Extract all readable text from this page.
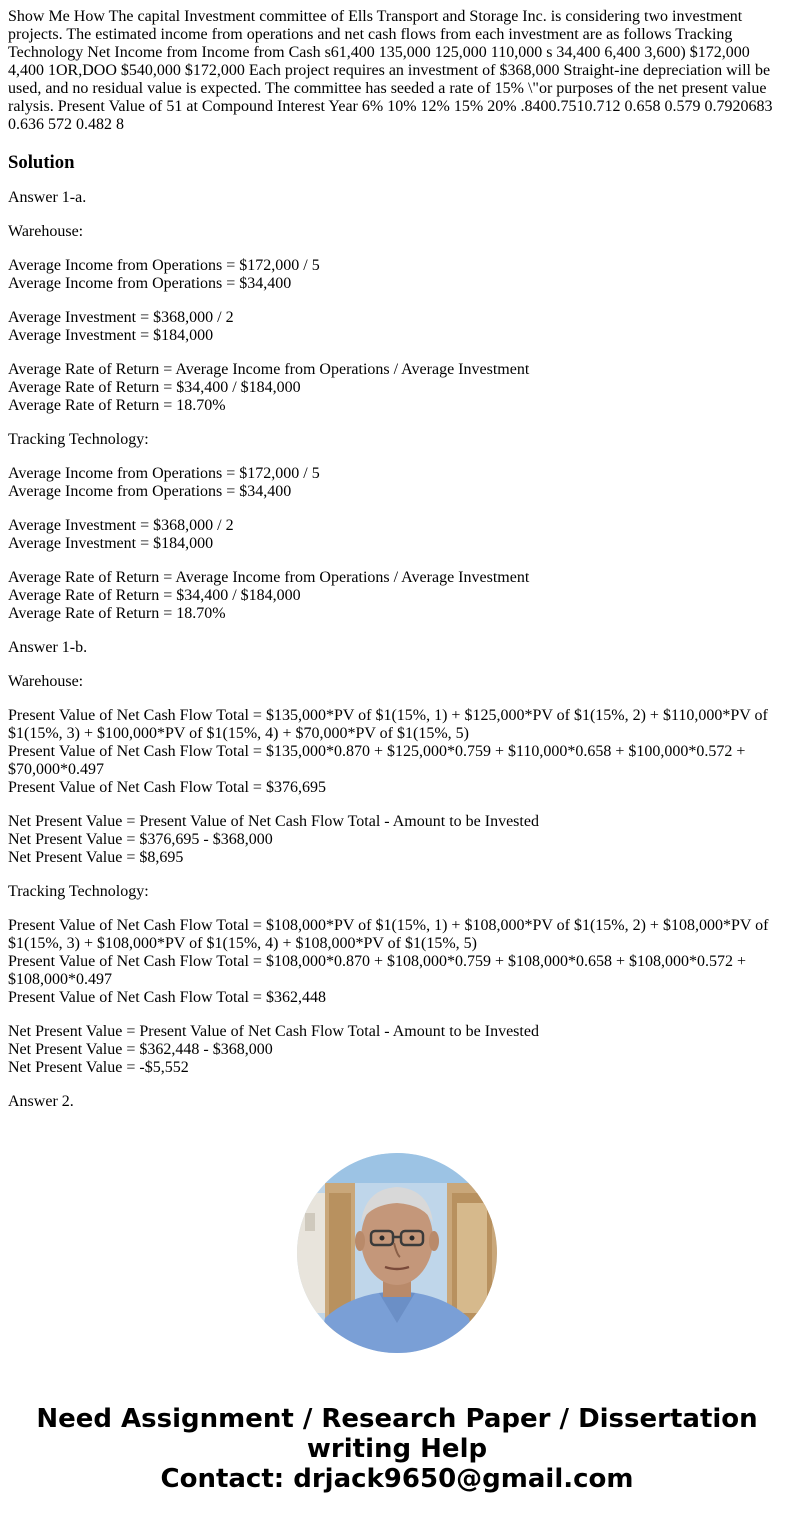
Show Me How The capital Investment committee of Ells Transport and Storage Inc. is considering two investment projects. The estimated income from operations and net cash flows from each investment are as follows Tracking Technology Net Income from Income from Cash s61,400 135,000 125,000 110,000 s 34,400 6,400 3,600) $172,000 4,400 1OR,DOO $540,000 $172,000 Each project requires an investment of $368,000 Straight-ine depreciation will be used, and no residual value is expected. The committee has seeded a rate of 15% \"or purposes of the net present value ralysis. Present Value of 51 at Compound Interest Year 6% 10% 12% 15% 20% .8400.7510.712 0.658 0.579 0.7920683 0.636 572 0.482 8

Solution

Answer 1-a.

Warehouse:

Average Income from Operations = $172,000 / 5

Average Income from Operations = $34,400

Average Investment = $368,000 / 2

Average Investment = $184,000

Average Rate of Return = Average Income from Operations / Average Investment

Average Rate of Return = $34,400 / $184,000

Average Rate of Return = 18.70%

Tracking Technology:

Average Income from Operations = $172,000 / 5

Average Income from Operations = $34,400

Average Investment = $368,000 / 2

Average Investment = $184,000

Average Rate of Return = Average Income from Operations / Average Investment

Average Rate of Return = $34,400 / $184,000

Average Rate of Return = 18.70%

Answer 1-b.

Warehouse:

Present Value of Net Cash Flow Total = $135,000*PV of $1(15%, 1) + $125,000*PV of $1(15%, 2) + $110,000*PV of $1(15%, 3) + $100,000*PV of $1(15%, 4) + $70,000*PV of $1(15%, 5)

Present Value of Net Cash Flow Total = $135,000*0.870 + $125,000*0.759 + $110,000*0.658 + $100,000*0.572 + $70,000*0.497

Present Value of Net Cash Flow Total = $376,695

Net Present Value = Present Value of Net Cash Flow Total - Amount to be Invested

Net Present Value = $376,695 - $368,000

Net Present Value = $8,695

Tracking Technology:

Present Value of Net Cash Flow Total = $108,000*PV of $1(15%, 1) + $108,000*PV of $1(15%, 2) + $108,000*PV of $1(15%, 3) + $108,000*PV of $1(15%, 4) + $108,000*PV of $1(15%, 5)

Present Value of Net Cash Flow Total = $108,000*0.870 + $108,000*0.759 + $108,000*0.658 + $108,000*0.572 + $108,000*0.497

Present Value of Net Cash Flow Total = $362,448

Net Present Value = Present Value of Net Cash Flow Total - Amount to be Invested

Net Present Value = $362,448 - $368,000

Net Present Value = -$5,552

Answer 2.

Need Assignment / Research Paper / Dissertation
writing Help
Contact: drjack9650@gmail.com
